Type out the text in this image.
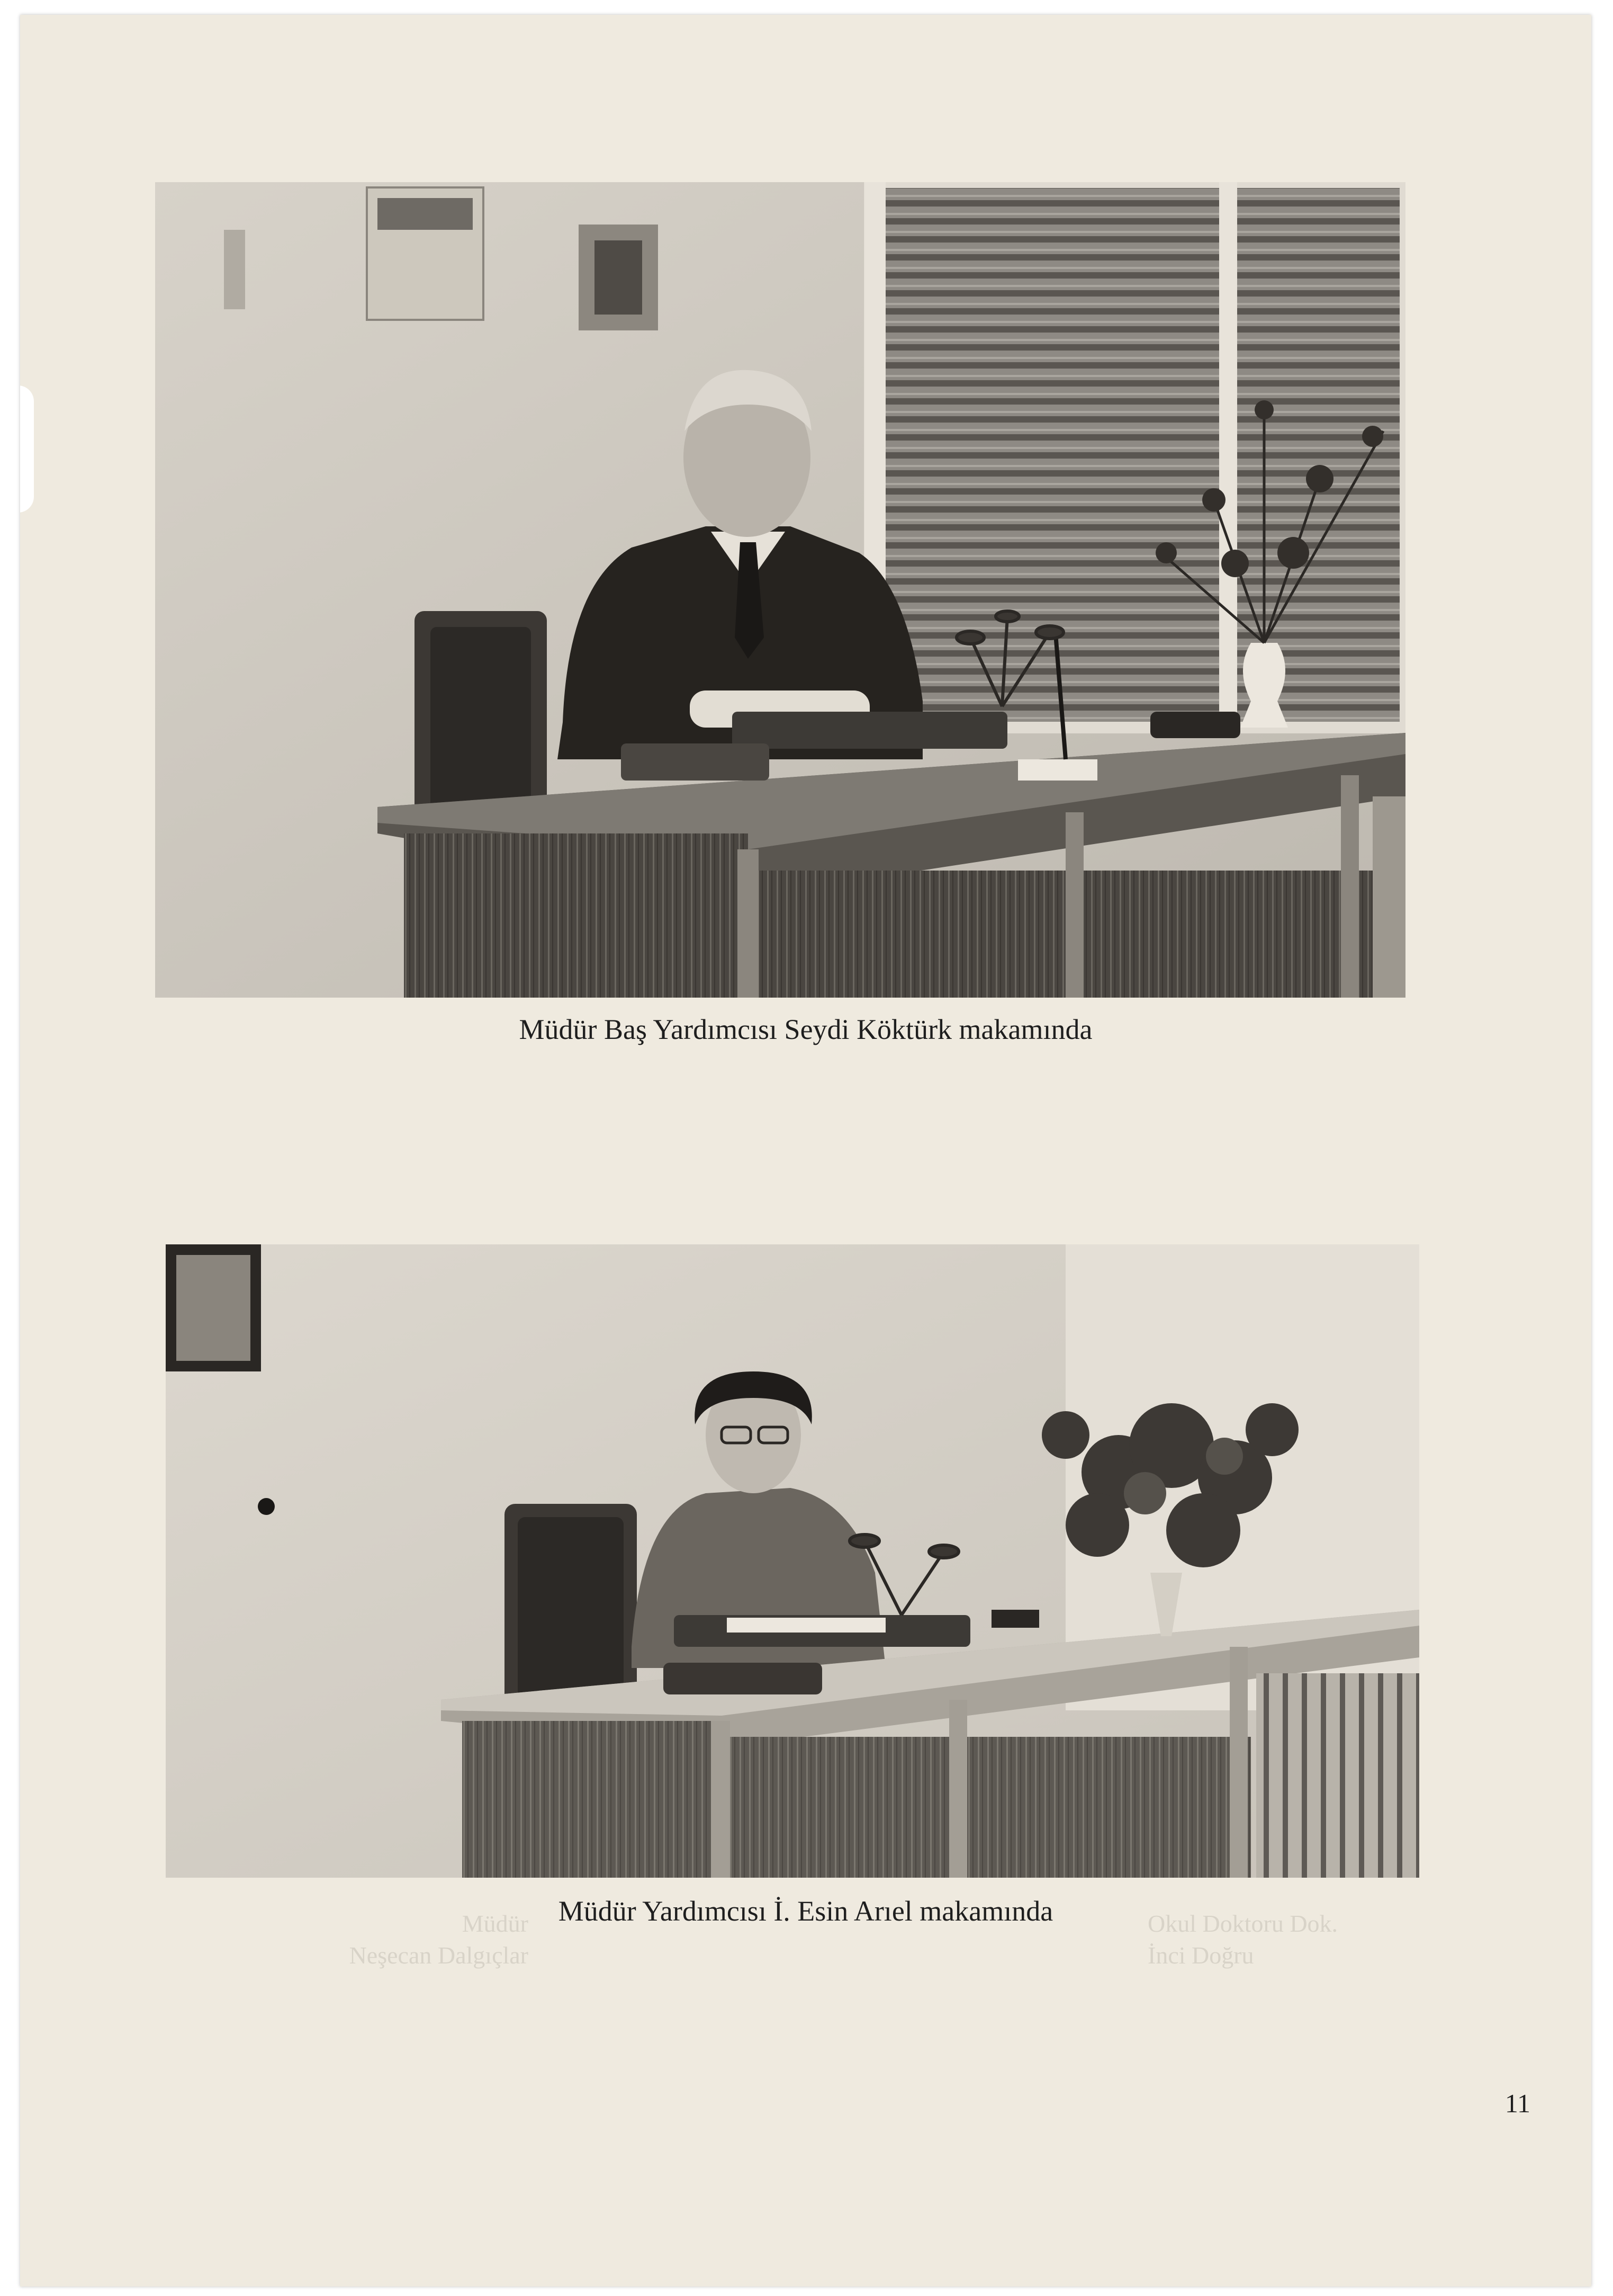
Müdür Baş Yardımcısı Seydi Köktürk makamında
Müdür
Neşecan Dalgıçlar
Okul Doktoru Dok.
İnci Doğru
Müdür Yardımcısı İ. Esin Arıel makamında
11
